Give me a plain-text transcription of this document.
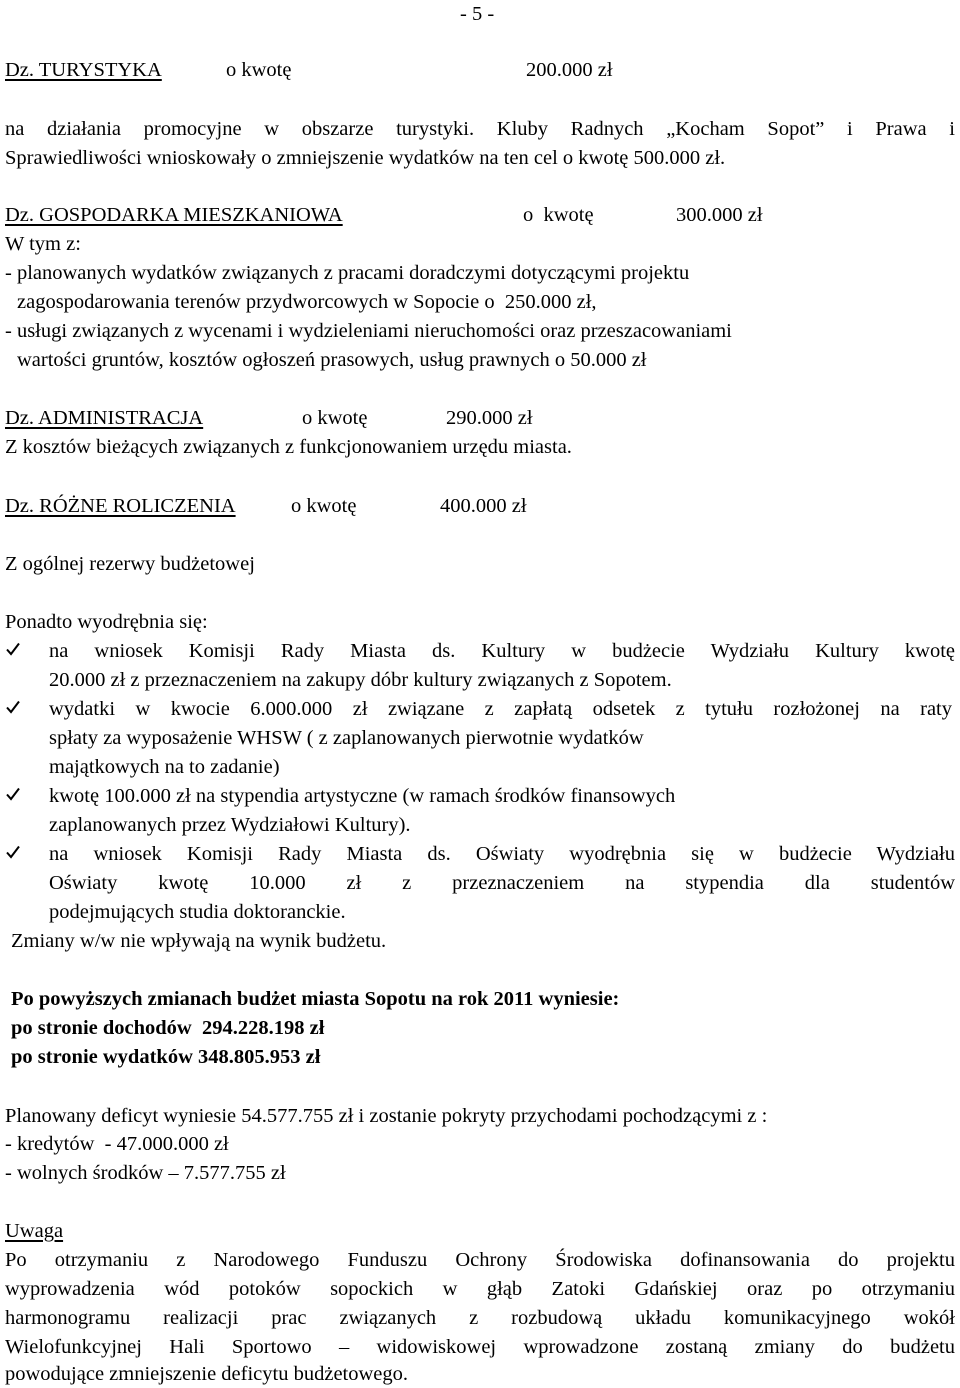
- 5 -
Dz. TURYSTYKA	o kwotę	200.000 zł
na działania promocyjne w obszarze turystyki. Kluby Radnych „Kocham Sopot” i Prawa i
Sprawiedliwości wnioskowały o zmniejszenie wydatków na ten cel o kwotę 500.000 zł.
Dz. GOSPODARKA MIESZKANIOWA	o  kwotę	300.000 zł
W tym z:
- planowanych wydatków związanych z pracami doradczymi dotyczącymi projektu
zagospodarowania terenów przydworcowych w Sopocie o  250.000 zł,
- usługi związanych z wycenami i wydzieleniami nieruchomości oraz przeszacowaniami
wartości gruntów, kosztów ogłoszeń prasowych, usług prawnych o 50.000 zł
Dz. ADMINISTRACJA	o kwotę	290.000 zł
Z kosztów bieżących związanych z funkcjonowaniem urzędu miasta.
Dz. RÓŻNE ROLICZENIA	o kwotę	400.000 zł
Z ogólnej rezerwy budżetowej
Ponadto wyodrębnia się:
na wniosek Komisji Rady Miasta ds. Kultury w budżecie Wydziału Kultury kwotę
20.000 zł z przeznaczeniem na zakupy dóbr kultury związanych z Sopotem.
wydatki w kwocie 6.000.000 zł związane z zapłatą odsetek z tytułu rozłożonej na raty
spłaty za wyposażenie WHSW ( z zaplanowanych pierwotnie wydatków
majątkowych na to zadanie)
kwotę 100.000 zł na stypendia artystyczne (w ramach środków finansowych
zaplanowanych przez Wydziałowi Kultury).
na wniosek Komisji Rady Miasta ds. Oświaty wyodrębnia się w budżecie Wydziału
Oświaty kwotę 10.000 zł z przeznaczeniem na stypendia dla studentów
podejmujących studia doktoranckie.
Zmiany w/w nie wpływają na wynik budżetu.
Po powyższych zmianach budżet miasta Sopotu na rok 2011 wyniesie:
po stronie dochodów  294.228.198 zł
po stronie wydatków 348.805.953 zł
Planowany deficyt wyniesie 54.577.755 zł i zostanie pokryty przychodami pochodzącymi z :
- kredytów  - 47.000.000 zł
- wolnych środków – 7.577.755 zł
Uwaga
Po otrzymaniu z Narodowego Funduszu Ochrony Środowiska dofinansowania do projektu
wyprowadzenia wód potoków sopockich w głąb Zatoki Gdańskiej oraz po otrzymaniu
harmonogramu realizacji prac związanych z rozbudową układu komunikacyjnego wokół
Wielofunkcyjnej Hali Sportowo – widowiskowej wprowadzone zostaną zmiany do budżetu
powodujące zmniejszenie deficytu budżetowego.
